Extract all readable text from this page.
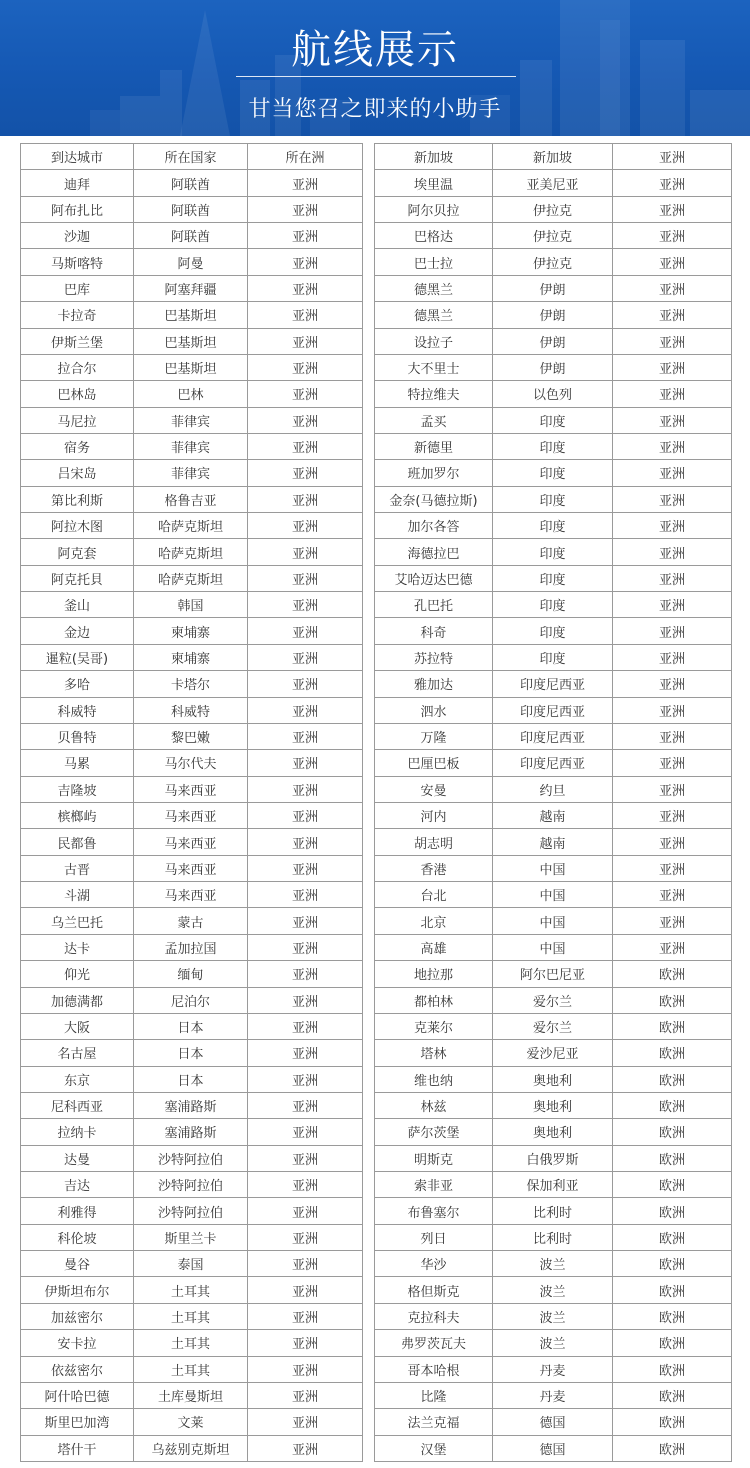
航线展示
甘当您召之即来的小助手
到达城市	所在国家	所在洲
迪拜	阿联酋	亚洲
阿布扎比	阿联酋	亚洲
沙迦	阿联酋	亚洲
马斯喀特	阿曼	亚洲
巴库	阿塞拜疆	亚洲
卡拉奇	巴基斯坦	亚洲
伊斯兰堡	巴基斯坦	亚洲
拉合尔	巴基斯坦	亚洲
巴林岛	巴林	亚洲
马尼拉	菲律宾	亚洲
宿务	菲律宾	亚洲
吕宋岛	菲律宾	亚洲
第比利斯	格鲁吉亚	亚洲
阿拉木图	哈萨克斯坦	亚洲
阿克套	哈萨克斯坦	亚洲
阿克托貝	哈萨克斯坦	亚洲
釜山	韩国	亚洲
金边	柬埔寨	亚洲
暹粒(吴哥)	柬埔寨	亚洲
多哈	卡塔尔	亚洲
科威特	科威特	亚洲
贝鲁特	黎巴嫩	亚洲
马累	马尔代夫	亚洲
吉隆坡	马来西亚	亚洲
槟榔屿	马来西亚	亚洲
民都鲁	马来西亚	亚洲
古晋	马来西亚	亚洲
斗湖	马来西亚	亚洲
乌兰巴托	蒙古	亚洲
达卡	孟加拉国	亚洲
仰光	缅甸	亚洲
加德满都	尼泊尔	亚洲
大阪	日本	亚洲
名古屋	日本	亚洲
东京	日本	亚洲
尼科西亚	塞浦路斯	亚洲
拉纳卡	塞浦路斯	亚洲
达曼	沙特阿拉伯	亚洲
吉达	沙特阿拉伯	亚洲
利雅得	沙特阿拉伯	亚洲
科伦坡	斯里兰卡	亚洲
曼谷	泰国	亚洲
伊斯坦布尔	土耳其	亚洲
加兹密尔	土耳其	亚洲
安卡拉	土耳其	亚洲
依兹密尔	土耳其	亚洲
阿什哈巴德	土库曼斯坦	亚洲
斯里巴加湾	文莱	亚洲
塔什干	乌兹别克斯坦	亚洲
新加坡	新加坡	亚洲
埃里温	亚美尼亚	亚洲
阿尔贝拉	伊拉克	亚洲
巴格达	伊拉克	亚洲
巴士拉	伊拉克	亚洲
德黑兰	伊朗	亚洲
德黑兰	伊朗	亚洲
设拉子	伊朗	亚洲
大不里士	伊朗	亚洲
特拉维夫	以色列	亚洲
孟买	印度	亚洲
新德里	印度	亚洲
班加罗尔	印度	亚洲
金奈(马德拉斯)	印度	亚洲
加尔各答	印度	亚洲
海德拉巴	印度	亚洲
艾哈迈达巴德	印度	亚洲
孔巴托	印度	亚洲
科奇	印度	亚洲
苏拉特	印度	亚洲
雅加达	印度尼西亚	亚洲
泗水	印度尼西亚	亚洲
万隆	印度尼西亚	亚洲
巴厘巴板	印度尼西亚	亚洲
安曼	约旦	亚洲
河内	越南	亚洲
胡志明	越南	亚洲
香港	中国	亚洲
台北	中国	亚洲
北京	中国	亚洲
高雄	中国	亚洲
地拉那	阿尔巴尼亚	欧洲
都柏林	爱尔兰	欧洲
克莱尔	爱尔兰	欧洲
塔林	爱沙尼亚	欧洲
维也纳	奥地利	欧洲
林兹	奥地利	欧洲
萨尔茨堡	奥地利	欧洲
明斯克	白俄罗斯	欧洲
索非亚	保加利亚	欧洲
布鲁塞尔	比利时	欧洲
列日	比利时	欧洲
华沙	波兰	欧洲
格但斯克	波兰	欧洲
克拉科夫	波兰	欧洲
弗罗茨瓦夫	波兰	欧洲
哥本哈根	丹麦	欧洲
比隆	丹麦	欧洲
法兰克福	德国	欧洲
汉堡	德国	欧洲
